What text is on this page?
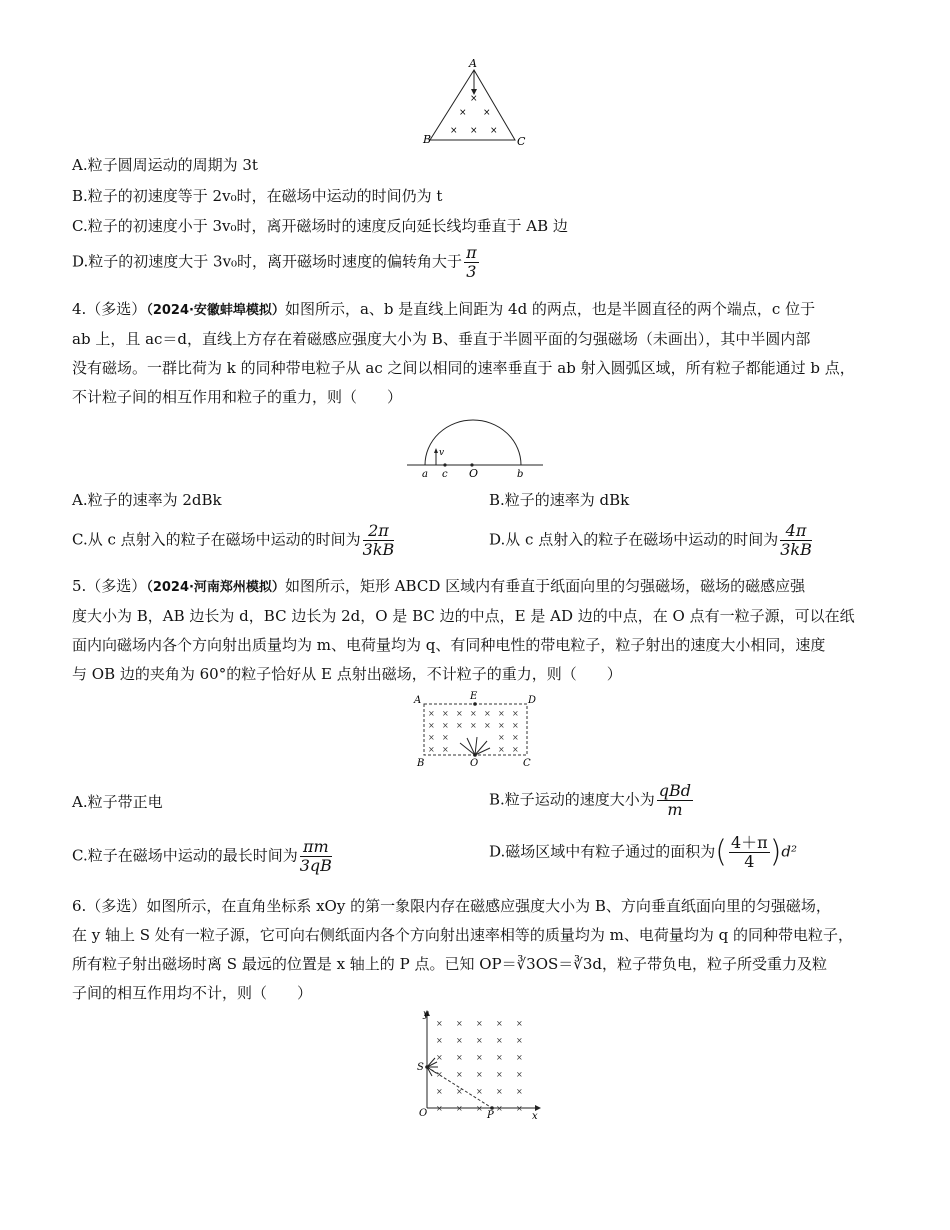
A
B	C
×
× ×
× × ×
A.粒子圆周运动的周期为 3t
B.粒子的初速度等于 2v₀时，在磁场中运动的时间仍为 t
C.粒子的初速度小于 3v₀时，离开磁场时的速度反向延长线均垂直于 AB 边
D.粒子的初速度大于 3v₀时，离开磁场时速度的偏转角大于 $\frac{\pi}{3}$
4.（多选）（2024·安徽蚌埠模拟）如图所示，a、b 是直线上间距为 4d 的两点，也是半圆直径的两个端点，c 位于
ab 上，且 ac＝d，直线上方存在着磁感应强度大小为 B、垂直于半圆平面的匀强磁场（未画出），其中半圆内部
没有磁场。一群比荷为 k 的同种带电粒子从 ac 之间以相同的速率垂直于 ab 射入圆弧区域，所有粒子都能通过 b 点，
不计粒子间的相互作用和粒子的重力，则（　　）
v
a c O	b
A.粒子的速率为 2dBk	B.粒子的速率为 dBk
C.从 c 点射入的粒子在磁场中运动的时间为 $\frac{2\pi}{3kB}$	D.从 c 点射入的粒子在磁场中运动的时间为 $\frac{4\pi}{3kB}$
5.（多选）（2024·河南郑州模拟）如图所示，矩形 ABCD 区域内有垂直于纸面向里的匀强磁场，磁场的磁感应强
度大小为 B，AB 边长为 d，BC 边长为 2d，O 是 BC 边的中点，E 是 AD 边的中点，在 O 点有一粒子源，可以在纸
面内向磁场内各个方向射出质量均为 m、电荷量均为 q、有同种电性的带电粒子，粒子射出的速度大小相同，速度
与 OB 边的夹角为 60°的粒子恰好从 E 点射出磁场，不计粒子的重力，则（　　）
× × × × × × ×
× × × × × × ×
× ×	× ×
× ×	× ×
A	E	D
B	O	C
A.粒子带正电	B.粒子运动的速度大小为 $\frac{\text{qBd}}{m}$
C.粒子在磁场中运动的最长时间为 $\frac{\pi m}{3qB}$	D.磁场区域中有粒子通过的面积为( $\frac{4+\pi}{4} )d^2$
6.（多选）如图所示，在直角坐标系 xOy 的第一象限内存在磁感应强度大小为 B、方向垂直纸面向里的匀强磁场，
在 y 轴上 S 处有一粒子源，它可向右侧纸面内各个方向射出速率相等的质量均为 m、电荷量均为 q 的同种带电粒子，
所有粒子射出磁场时离 S 最远的位置是 x 轴上的 P 点。已知 OP＝∛3OS＝∛3d，粒子带负电，粒子所受重力及粒
子间的相互作用均不计，则（　　）
× × × × ×
× × × × ×
× × × × ×
× × × × ×
× × × × ×
× × × × ×
y
x
S
O	P
